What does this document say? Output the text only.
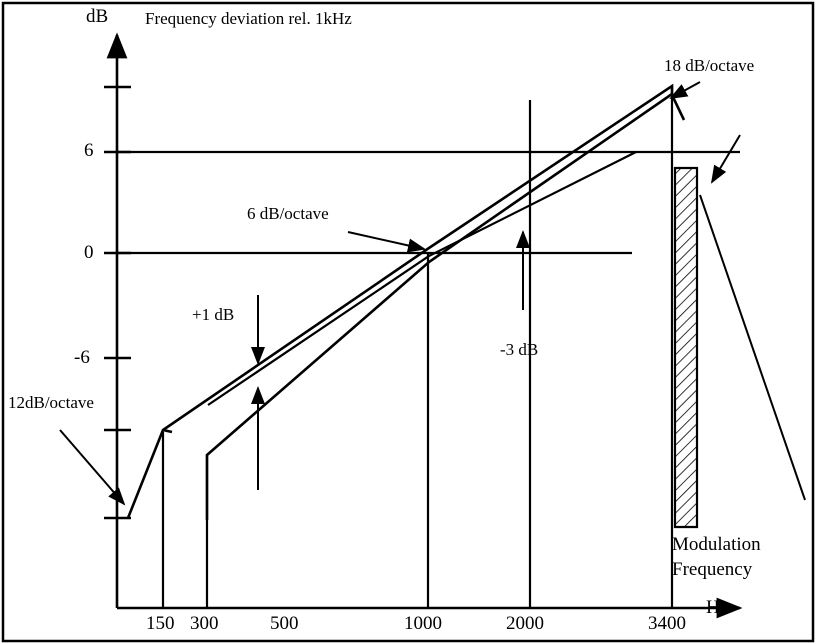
dB Frequency deviation rel. 1kHz
Hz
6
0
-6
150 300	500	1000	2000	3400
18 dB/octave
6 dB/octave
12dB/octave
+1 dB
-3 dB
Modulation
Frequency
